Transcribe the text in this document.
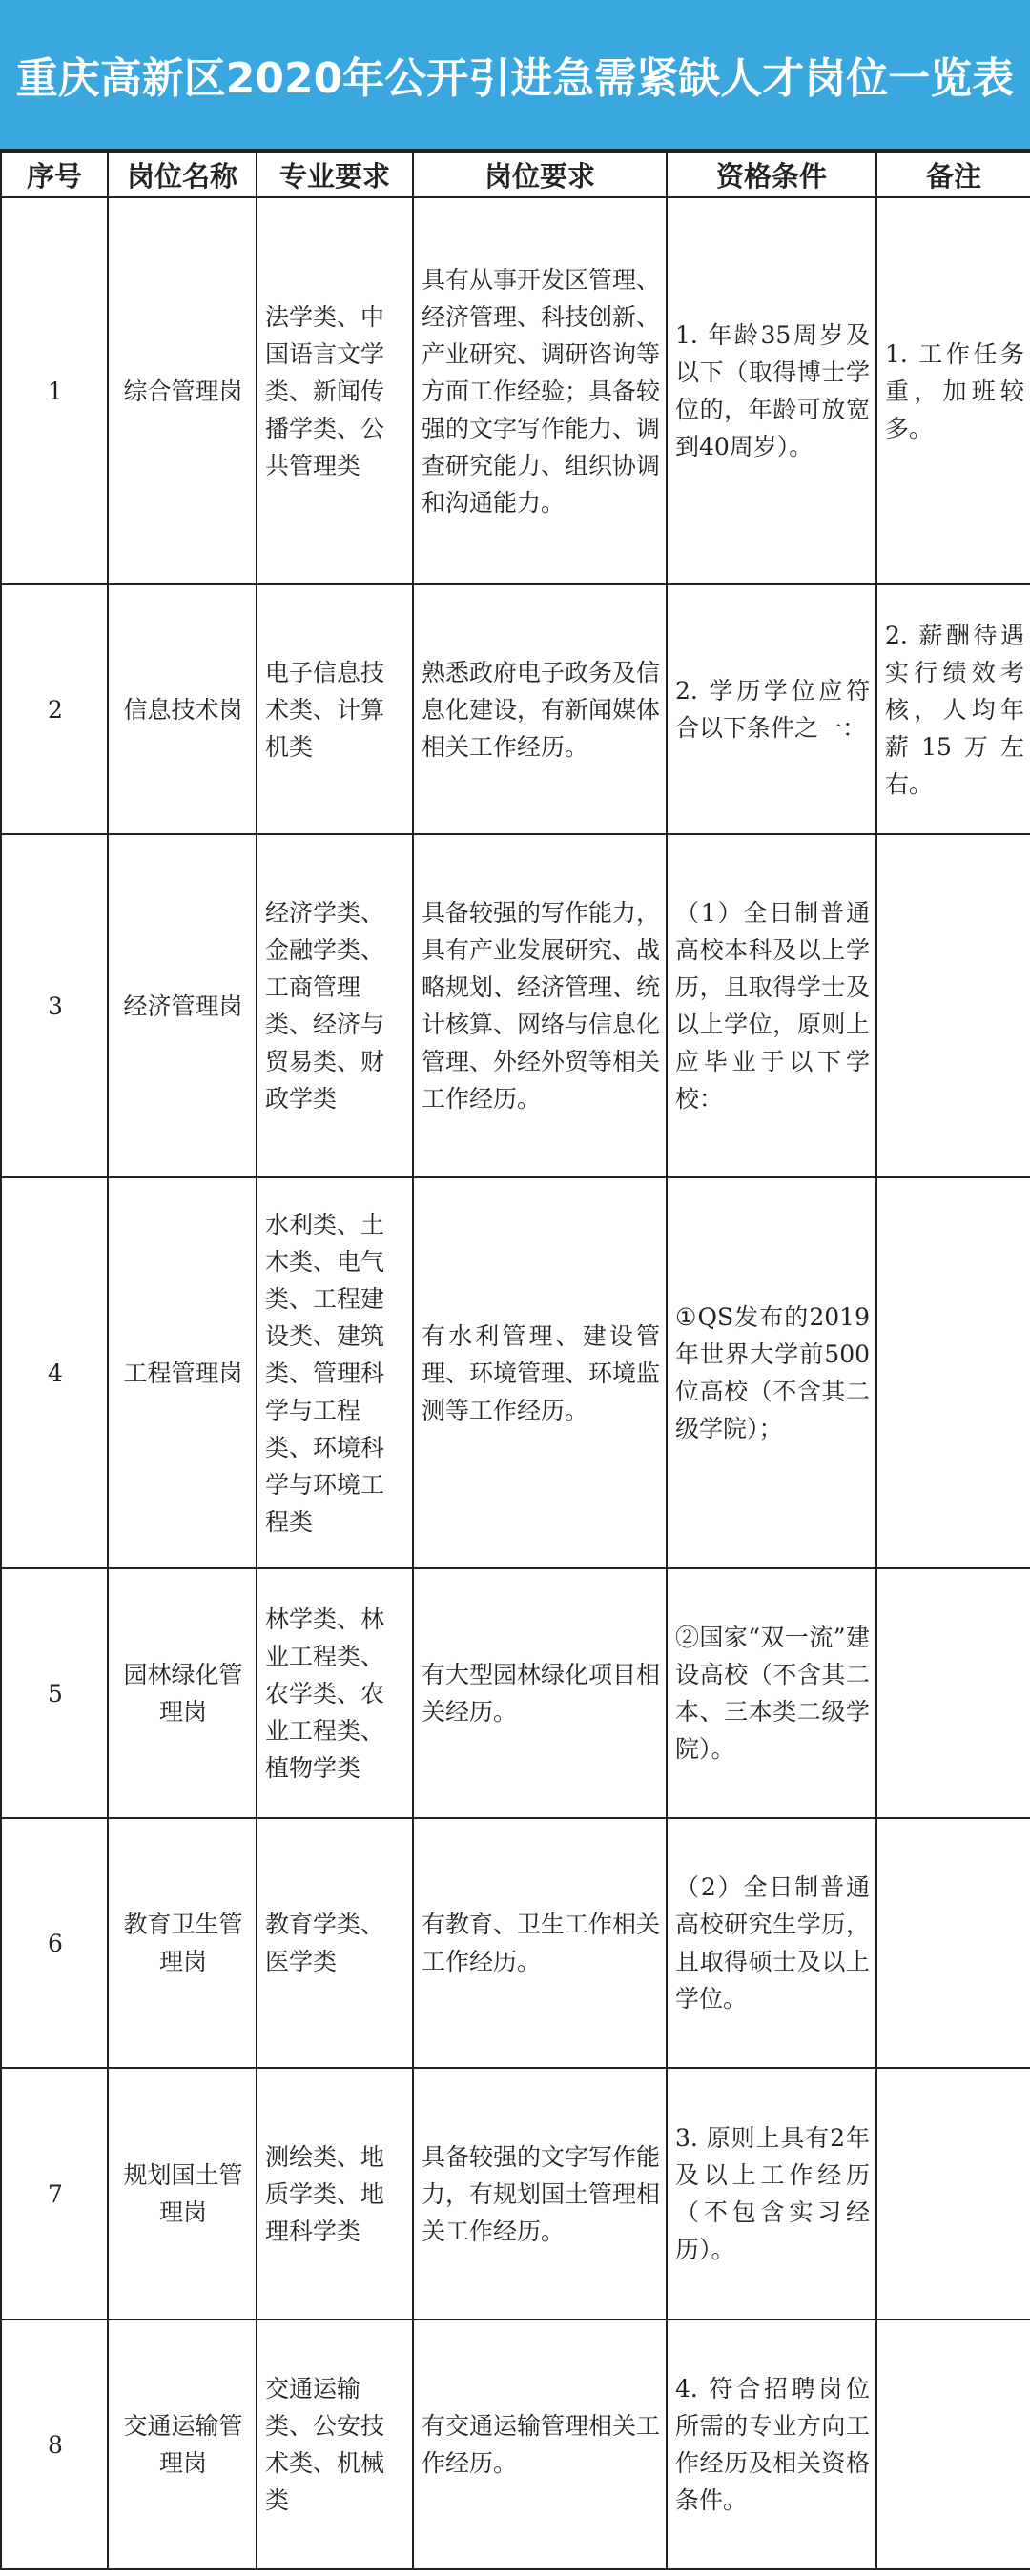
重庆高新区2020年公开引进急需紧缺人才岗位一览表
序号	岗位名称	专业要求	岗位要求	资格条件	备注
1	综合管理岗	法学类、中国语言文学类、新闻传播学类、公共管理类	具有从事开发区管理、经济管理、科技创新、产业研究、调研咨询等方面工作经验；具备较强的文字写作能力、调查研究能力、组织协调和沟通能力。	1. 年龄35周岁及以下（取得博士学位的，年龄可放宽到40周岁）。	1. 工作任务重，加班较多。
2	信息技术岗	电子信息技术类、计算机类	熟悉政府电子政务及信息化建设，有新闻媒体相关工作经历。	2. 学历学位应符合以下条件之一：	2. 薪酬待遇实行绩效考核，人均年薪15万左右。
3	经济管理岗	经济学类、金融学类、工商管理类、经济与贸易类、财政学类	具备较强的写作能力，具有产业发展研究、战略规划、经济管理、统计核算、网络与信息化管理、外经外贸等相关工作经历。	（1）全日制普通高校本科及以上学历，且取得学士及以上学位，原则上应毕业于以下学校：	
4	工程管理岗	水利类、土木类、电气类、工程建设类、建筑类、管理科学与工程类、环境科学与环境工程类	有水利管理、建设管理、环境管理、环境监测等工作经历。	①QS发布的2019年世界大学前500位高校（不含其二级学院）；	
5	园林绿化管理岗	林学类、林业工程类、农学类、农业工程类、植物学类	有大型园林绿化项目相关经历。	②国家“双一流”建设高校（不含其二本、三本类二级学院）。	
6	教育卫生管理岗	教育学类、医学类	有教育、卫生工作相关工作经历。	（2）全日制普通高校研究生学历，且取得硕士及以上学位。	
7	规划国土管理岗	测绘类、地质学类、地理科学类	具备较强的文字写作能力，有规划国土管理相关工作经历。	3. 原则上具有2年及以上工作经历（不包含实习经历）。	
8	交通运输管理岗	交通运输类、公安技术类、机械类	有交通运输管理相关工作经历。	4. 符合招聘岗位所需的专业方向工作经历及相关资格条件。	
